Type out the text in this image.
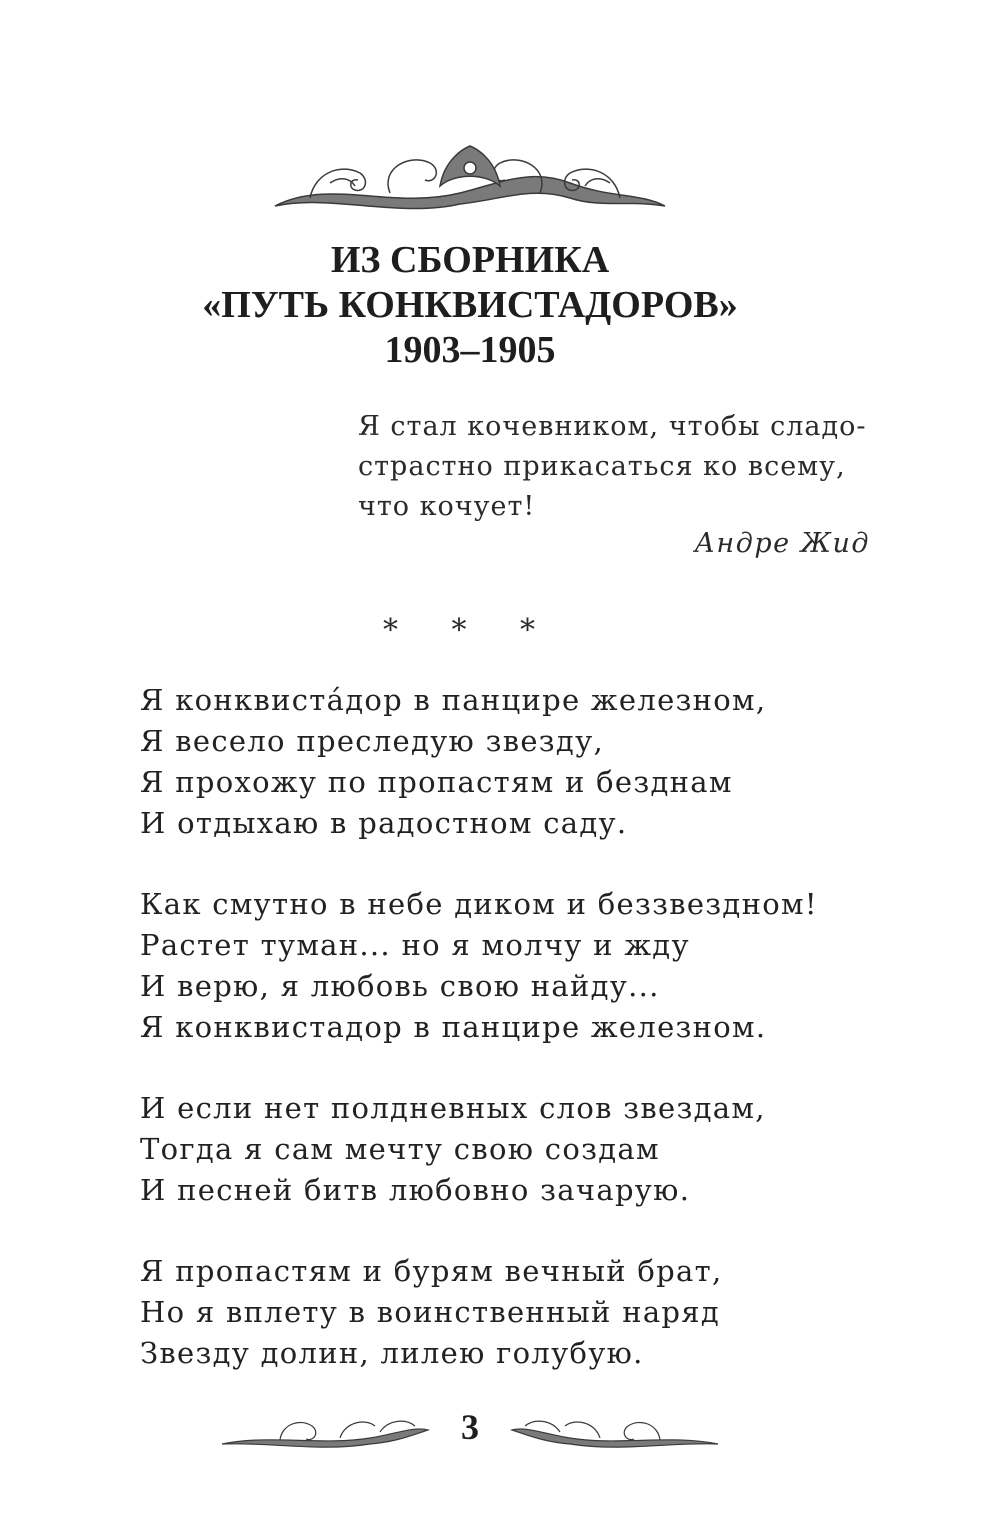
ИЗ СБОРНИКА
«ПУТЬ КОНКВИСТАДОРОВ»
1903–1905
Я стал кочевником, чтобы сладо-
страстно прикасаться ко всему,
что кочует!
Андре Жид
* * *
Я конквиста́дор в панцире железном,
Я весело преследую звезду,
Я прохожу по пропастям и безднам
И отдыхаю в радостном саду.
Как смутно в небе диком и беззвездном!
Растет туман... но я молчу и жду
И верю, я любовь свою найду...
Я конквистадор в панцире железном.
И если нет полдневных слов звездам,
Тогда я сам мечту свою создам
И песней битв любовно зачарую.
Я пропастям и бурям вечный брат,
Но я вплету в воинственный наряд
Звезду долин, лилею голубую.
3
